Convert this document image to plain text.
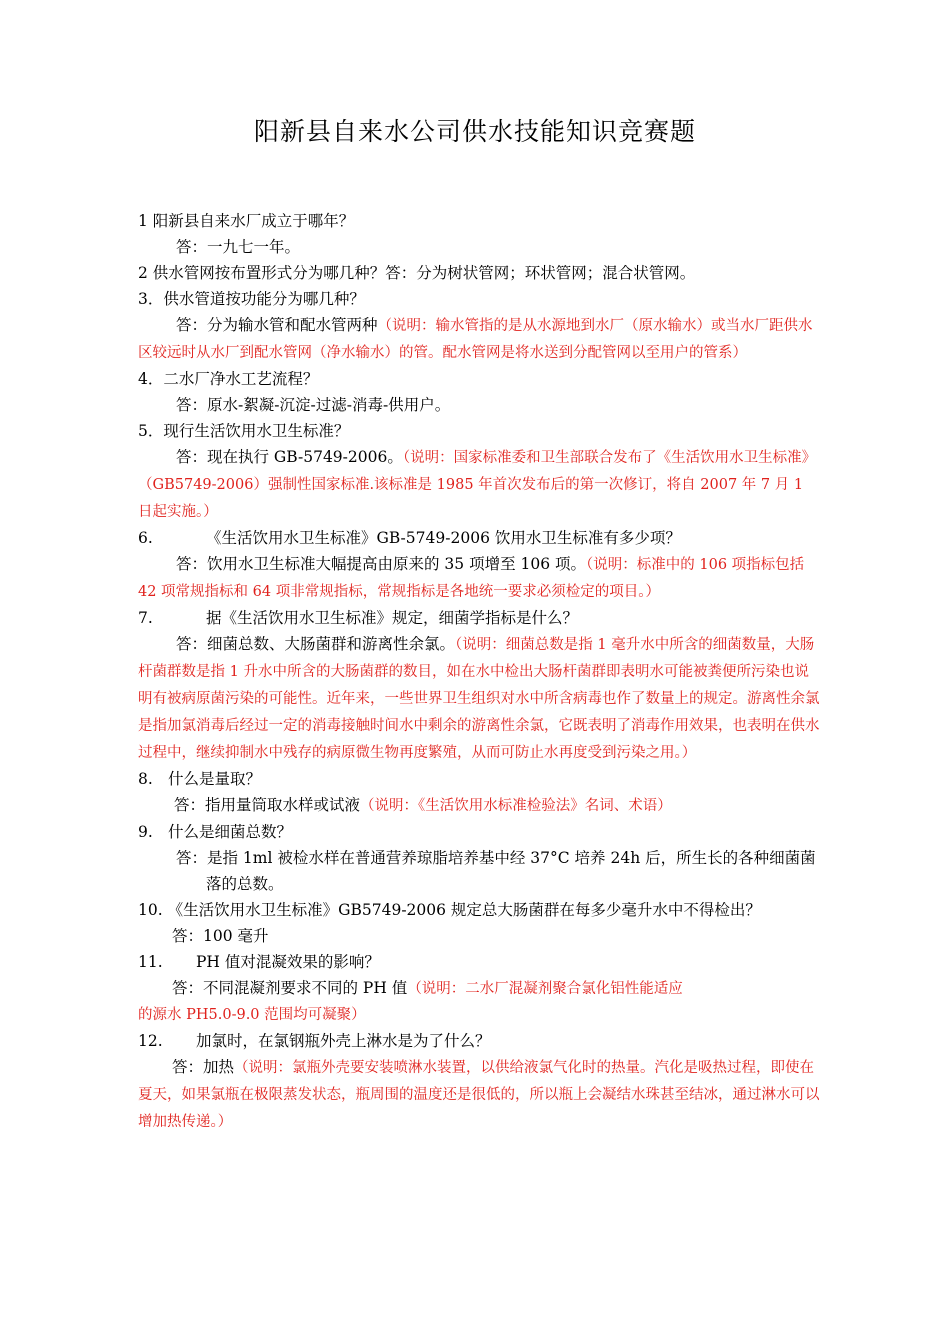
阳新县自来水公司供水技能知识竞赛题

1 阳新县自来水厂成立于哪年？

答：一九七一年。

2 供水管网按布置形式分为哪几种？答：分为树状管网；环状管网；混合状管网。

3．供水管道按功能分为哪几种？

答：分为输水管和配水管两种（说明：输水管指的是从水源地到水厂（原水输水）或当水厂距供水区较远时从水厂到配水管网（净水输水）的管。配水管网是将水送到分配管网以至用户的管系）

4．二水厂净水工艺流程？

答：原水-絮凝-沉淀-过滤-消毒-供用户。

5．现行生活饮用水卫生标准？

答：现在执行 GB-5749-2006。（说明：国家标准委和卫生部联合发布了《生活饮用水卫生标准》（GB5749-2006）强制性国家标准.该标准是 1985 年首次发布后的第一次修订，将自 2007 年 7 月 1 日起实施。）

6.	《生活饮用水卫生标准》GB-5749-2006 饮用水卫生标准有多少项？

答：饮用水卫生标准大幅提高由原来的 35 项增至 106 项。（说明：标准中的 106 项指标包括 42 项常规指标和 64 项非常规指标，常规指标是各地统一要求必须检定的项目。）

7.	据《生活饮用水卫生标准》规定，细菌学指标是什么？

答：细菌总数、大肠菌群和游离性余氯。（说明：细菌总数是指 1 毫升水中所含的细菌数量，大肠杆菌群数是指 1 升水中所含的大肠菌群的数目，如在水中检出大肠杆菌群即表明水可能被粪便所污染也说明有被病原菌污染的可能性。近年来，一些世界卫生组织对水中所含病毒也作了数量上的规定。游离性余氯是指加氯消毒后经过一定的消毒接触时间水中剩余的游离性余氯，它既表明了消毒作用效果，也表明在供水过程中，继续抑制水中残存的病原微生物再度繁殖，从而可防止水再度受到污染之用。）

8. 什么是量取？

答：指用量筒取水样或试液（说明：《生活饮用水标准检验法》名词、术语）

9. 什么是细菌总数？

答：是指 1ml 被检水样在普通营养琼脂培养基中经 37°C 培养 24h 后，所生长的各种细菌菌落的总数。

10. 《生活饮用水卫生标准》GB5749-2006 规定总大肠菌群在每多少毫升水中不得检出？

答：100 毫升

11. PH 值对混凝效果的影响？

答：不同混凝剂要求不同的 PH 值（说明：二水厂混凝剂聚合氯化铝性能适应

的源水 PH5.0-9.0 范围均可凝聚）

12. 加氯时，在氯钢瓶外壳上淋水是为了什么？

答：加热（说明：氯瓶外壳要安装喷淋水装置，以供给液氯气化时的热量。汽化是吸热过程，即使在夏天，如果氯瓶在极限蒸发状态，瓶周围的温度还是很低的，所以瓶上会凝结水珠甚至结冰，通过淋水可以增加热传递。）
